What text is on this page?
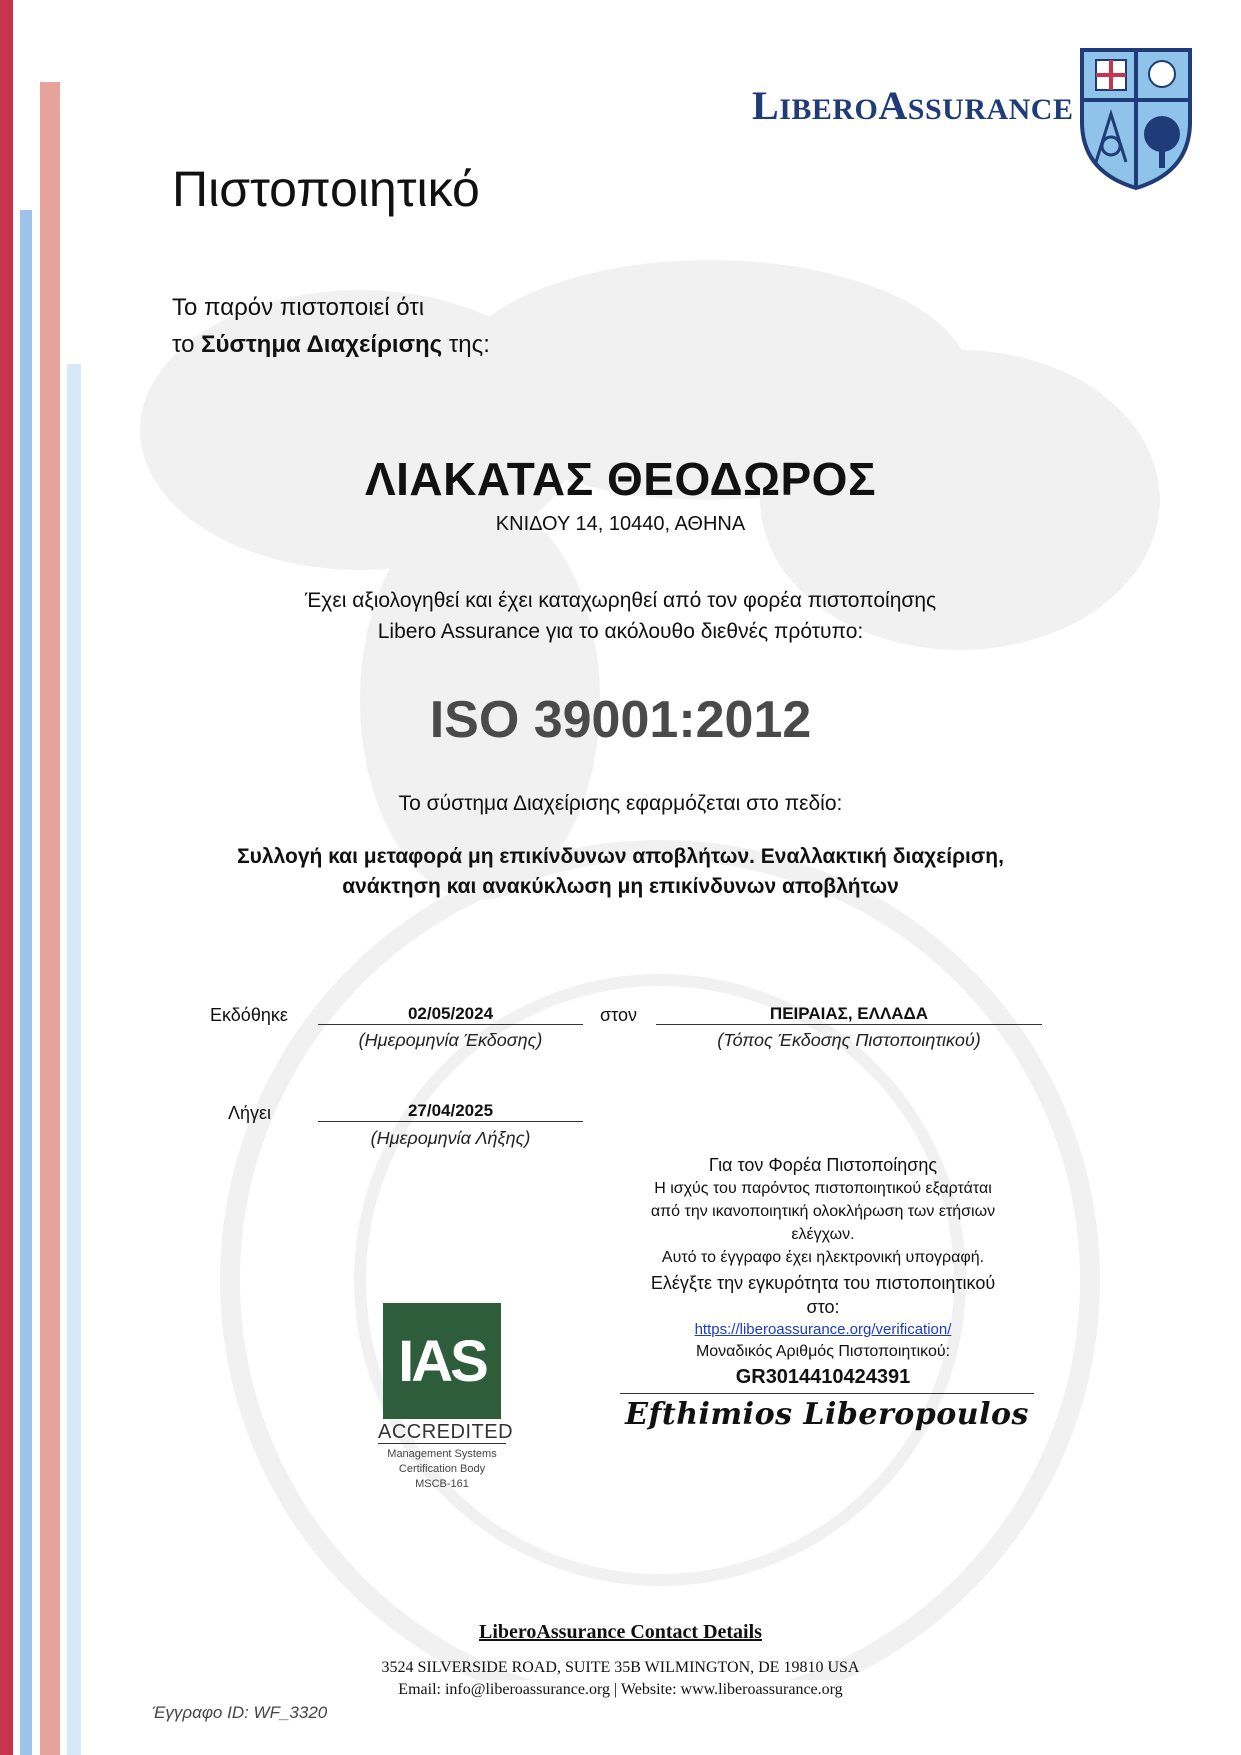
LIBEROASSURANCE
Πιστοποιητικό
Το παρόν πιστοποιεί ότι
το Σύστημα Διαχείρισης της:
ΛΙΑΚΑΤΑΣ ΘΕΟΔΩΡΟΣ
ΚΝΙΔΟΥ 14, 10440, ΑΘΗΝΑ
Έχει αξιολογηθεί και έχει καταχωρηθεί από τον φορέα πιστοποίησης
Libero Assurance για το ακόλουθο διεθνές πρότυπο:
ISO 39001:2012
Το σύστημα Διαχείρισης εφαρμόζεται στο πεδίο:
Συλλογή και μεταφορά μη επικίνδυνων αποβλήτων. Εναλλακτική διαχείριση,
ανάκτηση και ανακύκλωση μη επικίνδυνων αποβλήτων
Εκδόθηκε	02/05/2024
(Ημερομηνία Έκδοσης)
στον	ΠΕΙΡΑΙΑΣ, ΕΛΛΑΔΑ
(Τόπος Έκδοσης Πιστοποιητικού)
Λήγει	27/04/2025
(Ημερομηνία Λήξης)
Για τον Φορέα Πιστοποίησης
Η ισχύς του παρόντος πιστοποιητικού εξαρτάται
από την ικανοποιητική ολοκλήρωση των ετήσιων
ελέγχων.
Αυτό το έγγραφο έχει ηλεκτρονική υπογραφή.
Ελέγξτε την εγκυρότητα του πιστοποιητικού
στο:
https://liberoassurance.org/verification/
Μοναδικός Αριθμός Πιστοποιητικού:
GR3014410424391
Efthimios Liberopoulos
IAS
ACCREDITED
Management Systems
Certification Body
MSCB-161
LiberoAssurance Contact Details
3524 SILVERSIDE ROAD, SUITE 35B WILMINGTON, DE 19810 USA
Email: info@liberoassurance.org | Website: www.liberoassurance.org
Έγγραφο ID: WF_3320
